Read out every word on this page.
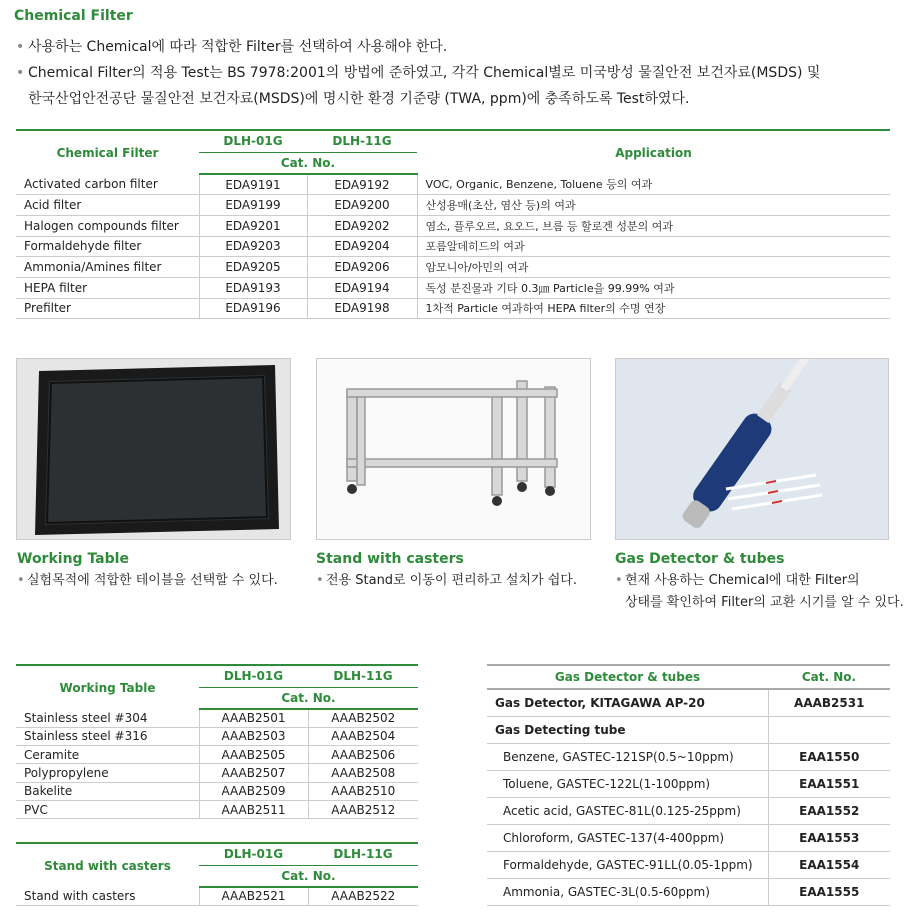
Chemical Filter
• 사용하는 Chemical에 따라 적합한 Filter를 선택하여 사용해야 한다.
• Chemical Filter의 적용 Test는 BS 7978:2001의 방법에 준하였고, 각각 Chemical별로 미국방성 물질안전 보건자료(MSDS) 및
한국산업안전공단 물질안전 보건자료(MSDS)에 명시한 환경 기준량 (TWA, ppm)에 충족하도록 Test하였다.
Chemical Filter	DLH-01G	DLH-11G	Application
	Cat. No.		
Activated carbon filter	EDA9191	EDA9192	VOC, Organic, Benzene, Toluene 등의 여과
Acid filter	EDA9199	EDA9200	산성용매(초산, 염산 등)의 여과
Halogen compounds filter	EDA9201	EDA9202	염소, 플루오르, 요오드, 브름 등 할로겐 성분의 여과
Formaldehyde filter	EDA9203	EDA9204	포름알데히드의 여과
Ammonia/Amines filter	EDA9205	EDA9206	암모니아/아민의 여과
HEPA filter	EDA9193	EDA9194	독성 분진물과 기타 0.3㎛ Particle을 99.99% 여과
Prefilter	EDA9196	EDA9198	1차적 Particle 여과하여 HEPA filter의 수명 연장
Working Table
• 실험목적에 적합한 테이블을 선택할 수 있다.
Stand with casters
• 전용 Stand로 이동이 편리하고 설치가 쉽다.
Gas Detector & tubes
• 현재 사용하는 Chemical에 대한 Filter의
상태를 확인하여 Filter의 교환 시기를 알 수 있다.
Working Table	DLH-01G	DLH-11G
	Cat. No.	
Stainless steel #304	AAAB2501	AAAB2502
Stainless steel #316	AAAB2503	AAAB2504
Ceramite	AAAB2505	AAAB2506
Polypropylene	AAAB2507	AAAB2508
Bakelite	AAAB2509	AAAB2510
PVC	AAAB2511	AAAB2512
Stand with casters	DLH-01G	DLH-11G
	Cat. No.	
Stand with casters	AAAB2521	AAAB2522
Gas Detector & tubes	Cat. No.
Gas Detector, KITAGAWA AP-20	AAAB2531
Gas Detecting tube	
Benzene, GASTEC-121SP(0.5~10ppm)	EAA1550
Toluene, GASTEC-122L(1-100ppm)	EAA1551
Acetic acid, GASTEC-81L(0.125-25ppm)	EAA1552
Chloroform, GASTEC-137(4-400ppm)	EAA1553
Formaldehyde, GASTEC-91LL(0.05-1ppm)	EAA1554
Ammonia, GASTEC-3L(0.5-60ppm)	EAA1555
